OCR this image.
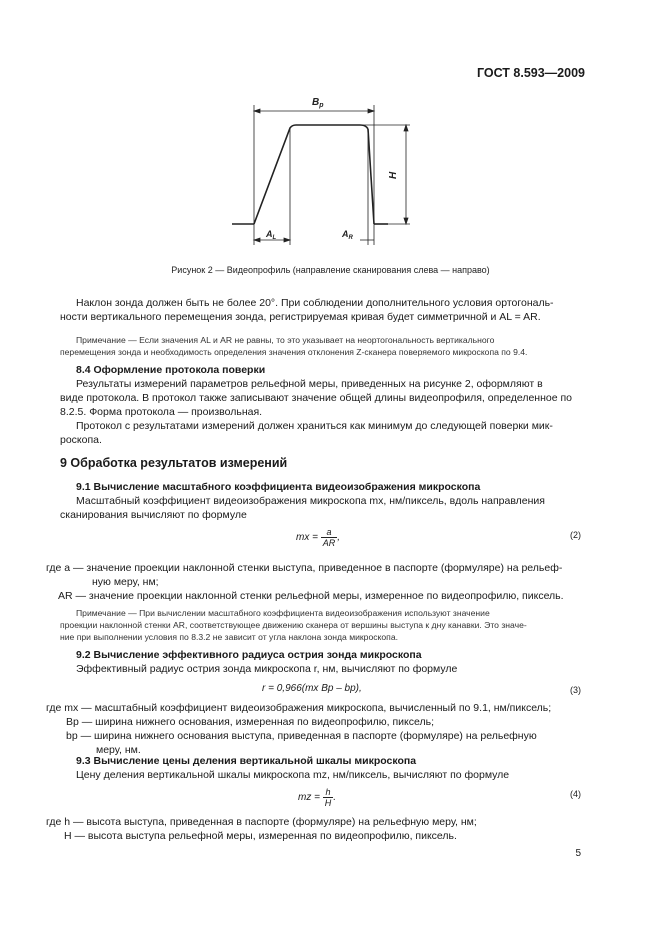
ГОСТ 8.593—2009
$B_p$
H
$A_L$	$A_R$
Рисунок 2 — Видеопрофиль (направление сканирования слева — направо)
Наклон зонда должен быть не более 20°. При соблюдении дополнительного условия ортогональ-
ности вертикального перемещения зонда, регистрируемая кривая будет симметричной и AL = AR.
Примечание — Если значения AL и AR не равны, то это указывает на неортогональность вертикального
перемещения зонда и необходимость определения значения отклонения Z-сканера поверяемого микроскопа по 9.4.
8.4 Оформление протокола поверки
Результаты измерений параметров рельефной меры, приведенных на рисунке 2, оформляют в
виде протокола. В протокол также записывают значение общей длины видеопрофиля, определенное по
8.2.5. Форма протокола — произвольная.
Протокол с результатами измерений должен храниться как минимум до следующей поверки мик-
роскопа.
9 Обработка результатов измерений
9.1 Вычисление масштабного коэффициента видеоизображения микроскопа
Масштабный коэффициент видеоизображения микроскопа mx, нм/пиксель, вдоль направления
сканирования вычисляют по формуле
mx = $\frac{a}{AR}$ ,	(2)
где a — значение проекции наклонной стенки выступа, приведенное в паспорте (формуляре) на рельеф-
ную меру, нм;
AR — значение проекции наклонной стенки рельефной меры, измеренное по видеопрофилю, пиксель.
Примечание — При вычислении масштабного коэффициента видеоизображения используют значение
проекции наклонной стенки AR, соответствующее движению сканера от вершины выступа к дну канавки. Это значе-
ние при выполнении условия по 8.3.2 не зависит от угла наклона зонда микроскопа.
9.2 Вычисление эффективного радиуса острия зонда микроскопа
Эффективный радиус острия зонда микроскопа r, нм, вычисляют по формуле
r = 0,966(mx Bp – bp),	(3)
где mx — масштабный коэффициент видеоизображения микроскопа, вычисленный по 9.1, нм/пиксель;
Bp — ширина нижнего основания, измеренная по видеопрофилю, пиксель;
bp — ширина нижнего основания выступа, приведенная в паспорте (формуляре) на рельефную
меру, нм.
9.3 Вычисление цены деления вертикальной шкалы микроскопа
Цену деления вертикальной шкалы микроскопа mz, нм/пиксель, вычисляют по формуле
mz = $\frac{h}{H}$ .	(4)
где h — высота выступа, приведенная в паспорте (формуляре) на рельефную меру, нм;
H — высота выступа рельефной меры, измеренная по видеопрофилю, пиксель.
5
